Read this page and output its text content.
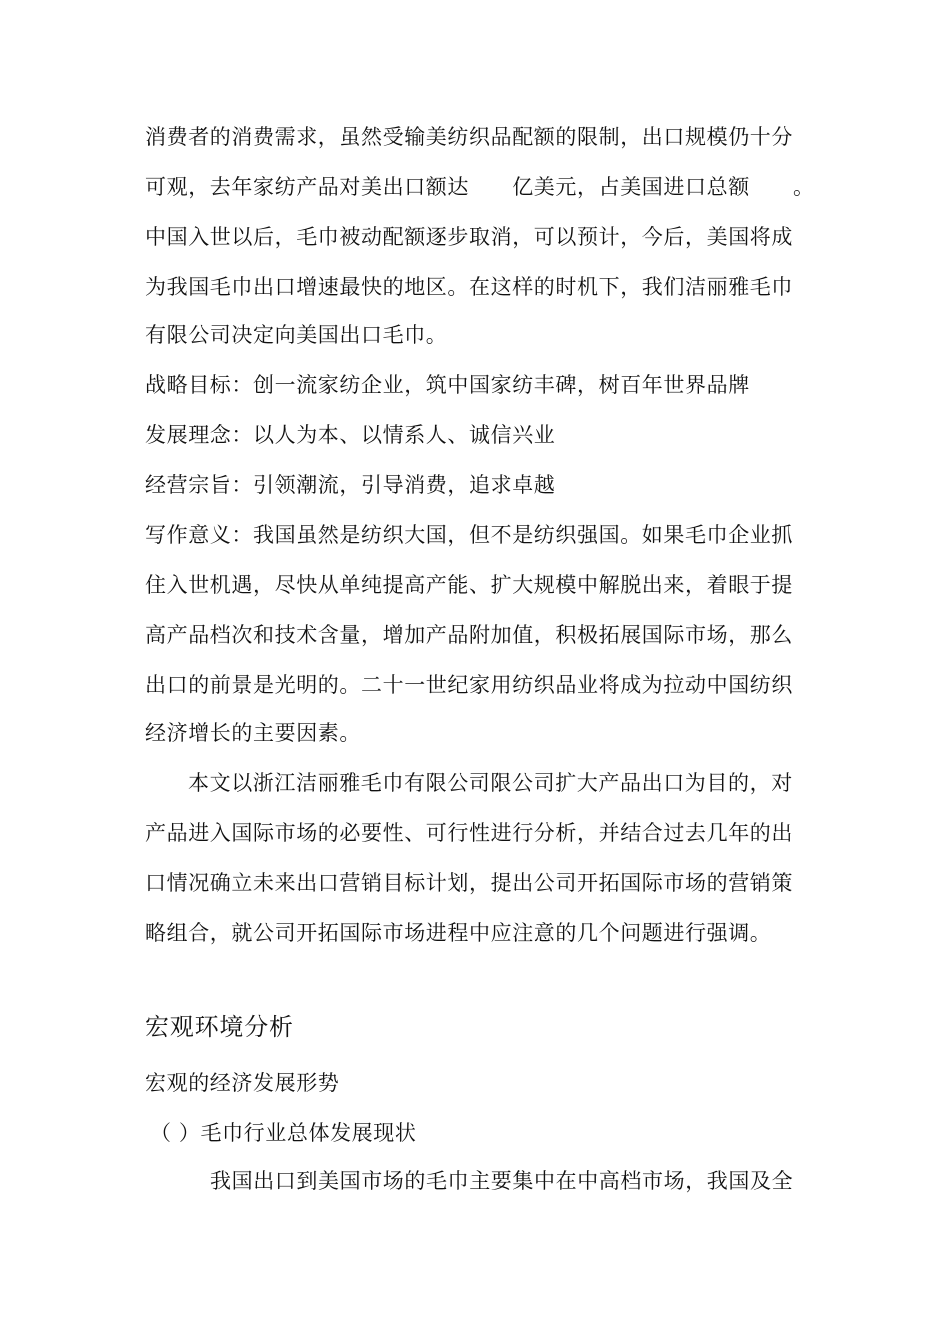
消费者的消费需求，虽然受输美纺织品配额的限制，出口规模仍十分
可观，去年家纺产品对美出口额达　　亿美元，占美国进口总额　　。
中国入世以后，毛巾被动配额逐步取消，可以预计，今后，美国将成
为我国毛巾出口增速最快的地区。在这样的时机下，我们洁丽雅毛巾
有限公司决定向美国出口毛巾。
战略目标：创一流家纺企业，筑中国家纺丰碑，树百年世界品牌
发展理念：以人为本、以情系人、诚信兴业
经营宗旨：引领潮流，引导消费，追求卓越
写作意义：我国虽然是纺织大国，但不是纺织强国。如果毛巾企业抓
住入世机遇，尽快从单纯提高产能、扩大规模中解脱出来，着眼于提
高产品档次和技术含量，增加产品附加值，积极拓展国际市场，那么
出口的前景是光明的。二十一世纪家用纺织品业将成为拉动中国纺织
经济增长的主要因素。
本文以浙江洁丽雅毛巾有限公司限公司扩大产品出口为目的，对
产品进入国际市场的必要性、可行性进行分析，并结合过去几年的出
口情况确立未来出口营销目标计划，提出公司开拓国际市场的营销策
略组合，就公司开拓国际市场进程中应注意的几个问题进行强调。
宏观环境分析
宏观的经济发展形势
（ ）毛巾行业总体发展现状
我国出口到美国市场的毛巾主要集中在中高档市场，我国及全
